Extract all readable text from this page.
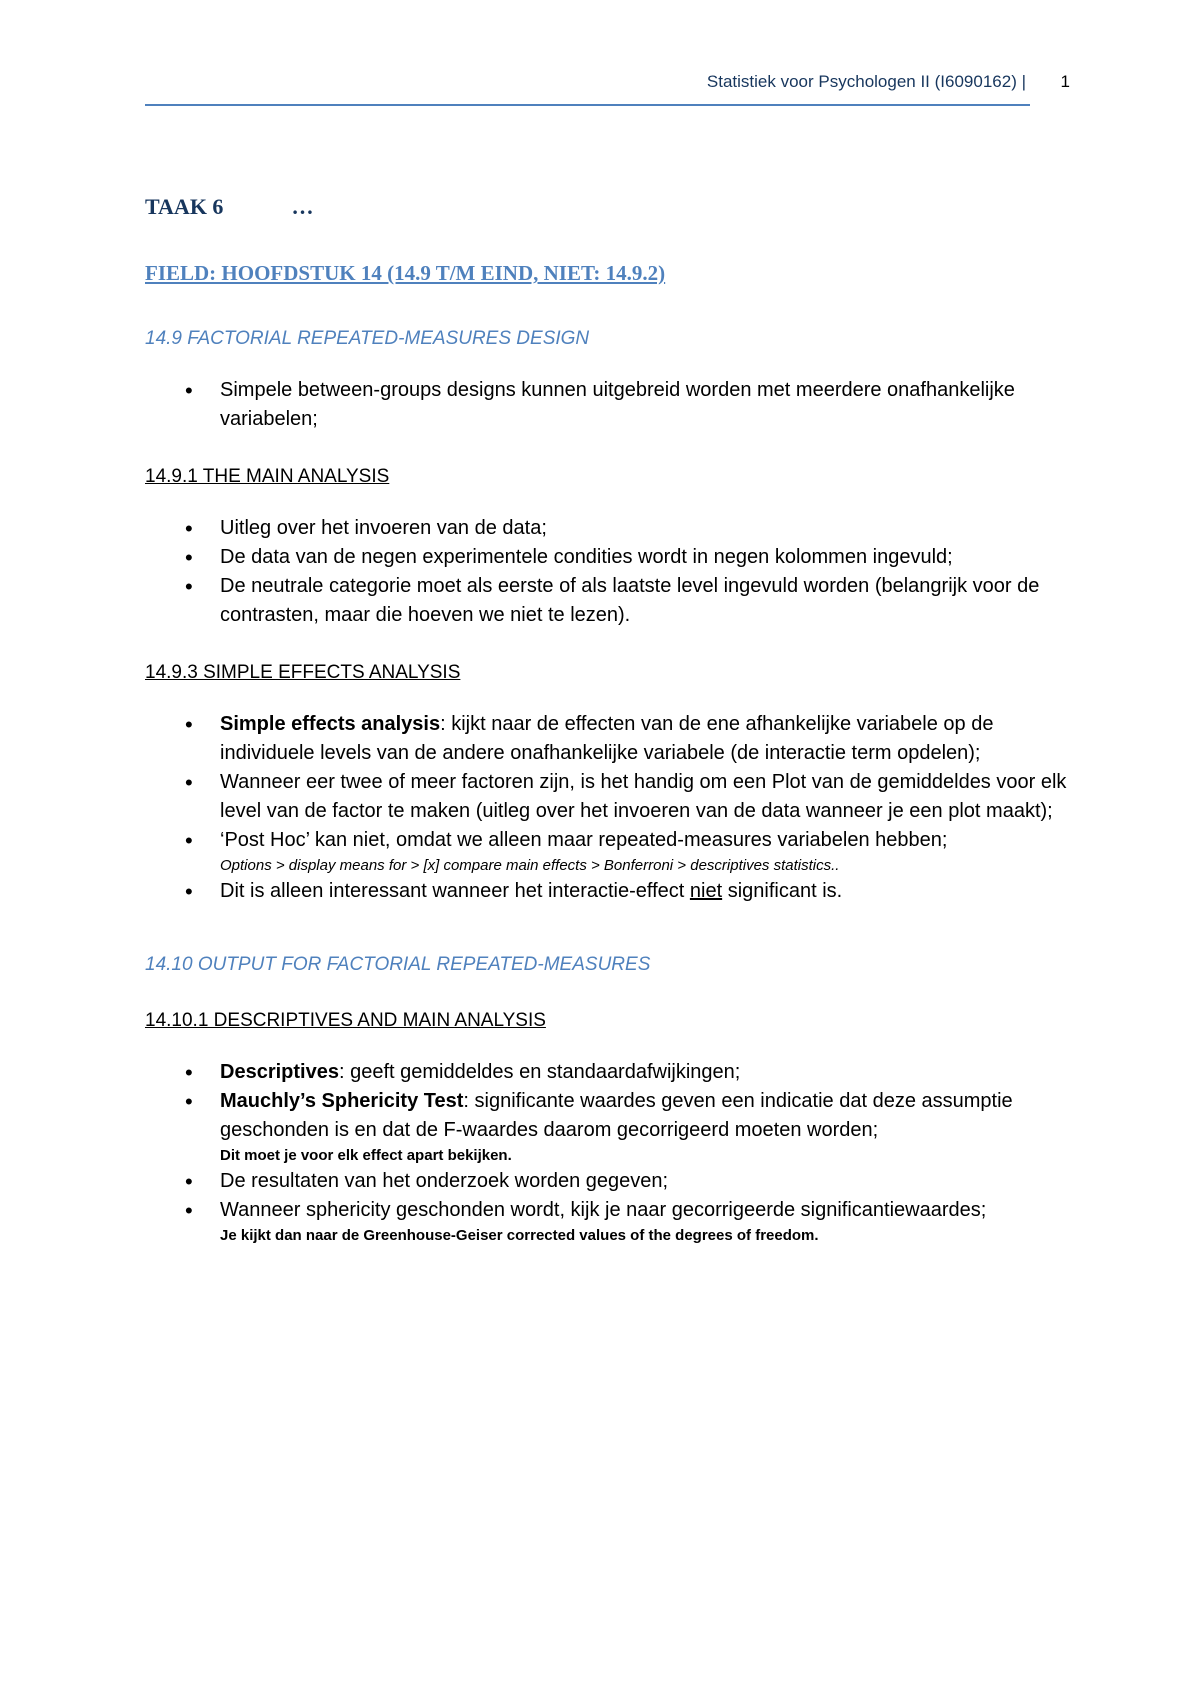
Statistiek voor Psychologen II (I6090162) | 1
TAAK 6	…
FIELD: HOOFDSTUK 14 (14.9 T/M EIND, NIET: 14.9.2)
14.9 FACTORIAL REPEATED-MEASURES DESIGN
• Simpele between-groups designs kunnen uitgebreid worden met meerdere onafhankelijke variabelen;
14.9.1 THE MAIN ANALYSIS
• Uitleg over het invoeren van de data;
• De data van de negen experimentele condities wordt in negen kolommen ingevuld;
• De neutrale categorie moet als eerste of als laatste level ingevuld worden (belangrijk voor de contrasten, maar die hoeven we niet te lezen).
14.9.3 SIMPLE EFFECTS ANALYSIS
• Simple effects analysis: kijkt naar de effecten van de ene afhankelijke variabele op de individuele levels van de andere onafhankelijke variabele (de interactie term opdelen);
• Wanneer eer twee of meer factoren zijn, is het handig om een Plot van de gemiddeldes voor elk level van de factor te maken (uitleg over het invoeren van de data wanneer je een plot maakt);
• ‘Post Hoc’ kan niet, omdat we alleen maar repeated-measures variabelen hebben;
Options > display means for > [x] compare main effects > Bonferroni > descriptives statistics..
• Dit is alleen interessant wanneer het interactie-effect niet significant is.
14.10 OUTPUT FOR FACTORIAL REPEATED-MEASURES
14.10.1 DESCRIPTIVES AND MAIN ANALYSIS
• Descriptives: geeft gemiddeldes en standaardafwijkingen;
• Mauchly’s Sphericity Test: significante waardes geven een indicatie dat deze assumptie geschonden is en dat de F-waardes daarom gecorrigeerd moeten worden;
Dit moet je voor elk effect apart bekijken.
• De resultaten van het onderzoek worden gegeven;
• Wanneer sphericity geschonden wordt, kijk je naar gecorrigeerde significantiewaardes;
Je kijkt dan naar de Greenhouse-Geiser corrected values of the degrees of freedom.
